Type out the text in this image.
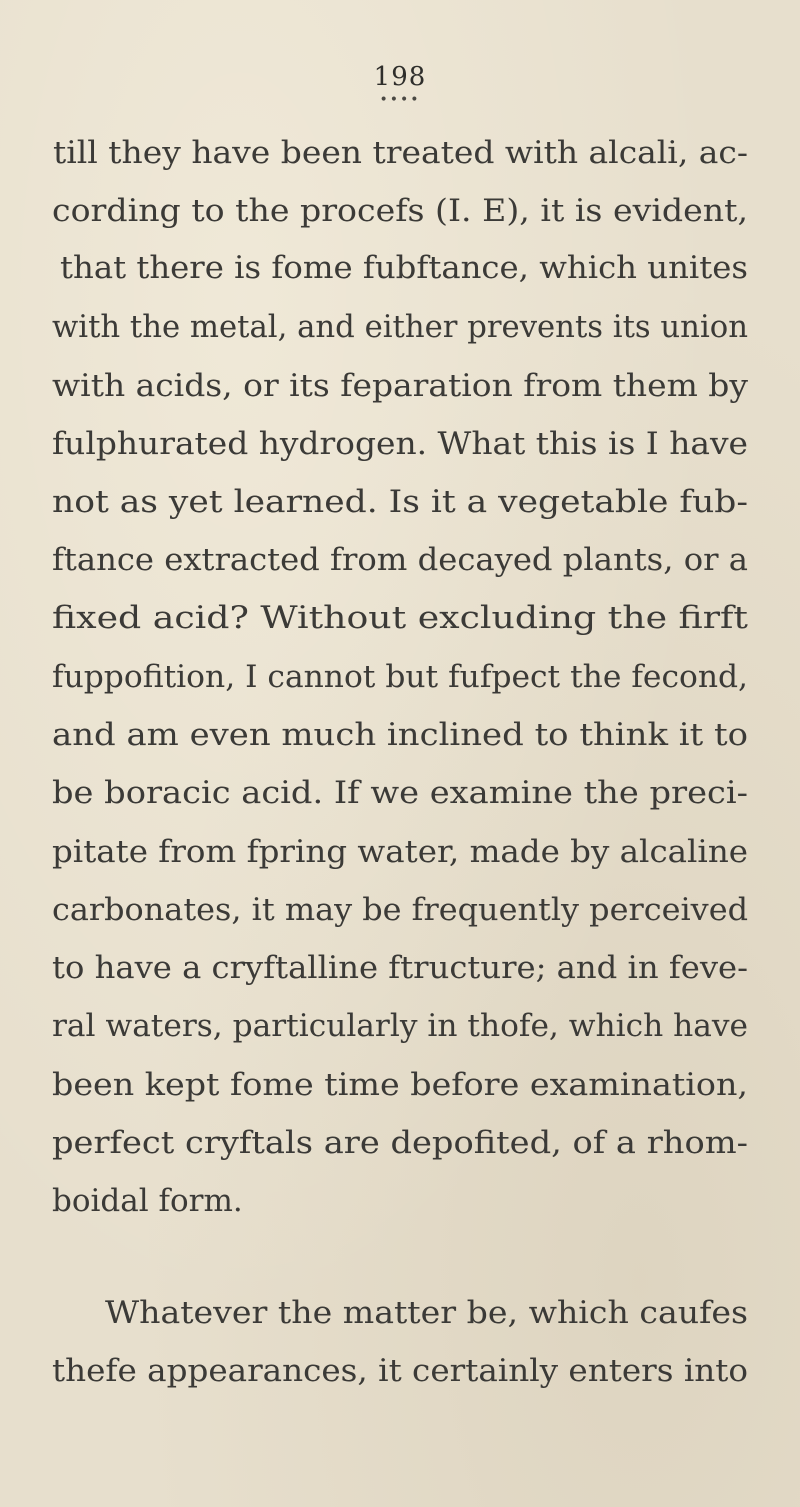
198
••••
till they have been treated with alcali, ac-
cording to the procefs (I. E), it is evident,
that there is fome fubftance, which unites
with the metal, and either prevents its union
with acids, or its feparation from them by
fulphurated hydrogen. What this is I have
not as yet learned. Is it a vegetable fub-
ftance extracted from decayed plants, or a
fixed acid? Without excluding the firft
fuppofition, I cannot but fufpect the fecond,
and am even much inclined to think it to
be boracic acid. If we examine the preci-
pitate from fpring water, made by alcaline
carbonates, it may be frequently perceived
to have a cryftalline ftructure; and in feve-
ral waters, particularly in thofe, which have
been kept fome time before examination,
perfect cryftals are depofited, of a rhom-
boidal form.
Whatever the matter be, which caufes
thefe appearances, it certainly enters into
